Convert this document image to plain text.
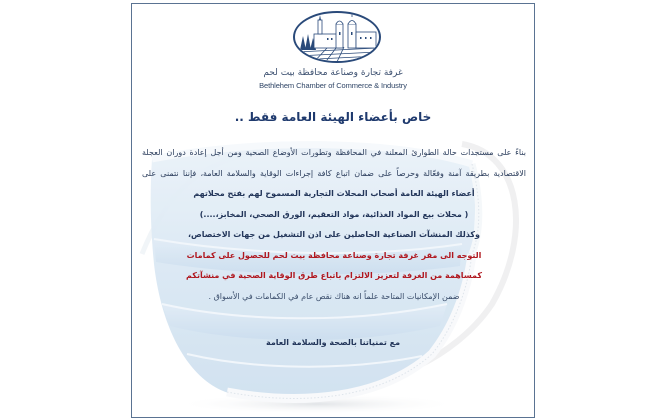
غرفة تجارة وصناعة محافظة بيت لحم
Bethlehem Chamber of Commerce & Industry
خاص بأعضاء الهيئة العامة فقط ..
بناءً على مستجدات حالة الطوارئ المعلنة في المحافظة وتطورات الأوضاع الصحية ومن أجل إعادة دوران العجلة
الاقتصادية بطريقة آمنة وفعّالة وحرصاً على ضمان اتباع كافة إجراءات الوقاية والسلامة العامة، فإننا نتمنى على
أعضاء الهيئة العامة أصحاب المحلات التجارية المسموح لهم بفتح محلاتهم
( محلات بيع المواد الغذائية، مواد التعقيم، الورق الصحي، المخابز،....)
وكذلك المنشآت الصناعية الحاصلين على اذن التشغيل من جهات الاختصاص،
التوجه الى مقر غرفة تجارة وصناعة محافظة بيت لحم للحصول على كمامات
كمساهمة من الغرفة لتعزيز الالتزام باتباع طرق الوقاية الصحية في منشآتكم
ضمن الإمكانيات المتاحة علماً انه هناك نقص عام في الكمامات في الأسواق .
مع تمنياتنا بالصحة والسلامة العامة
